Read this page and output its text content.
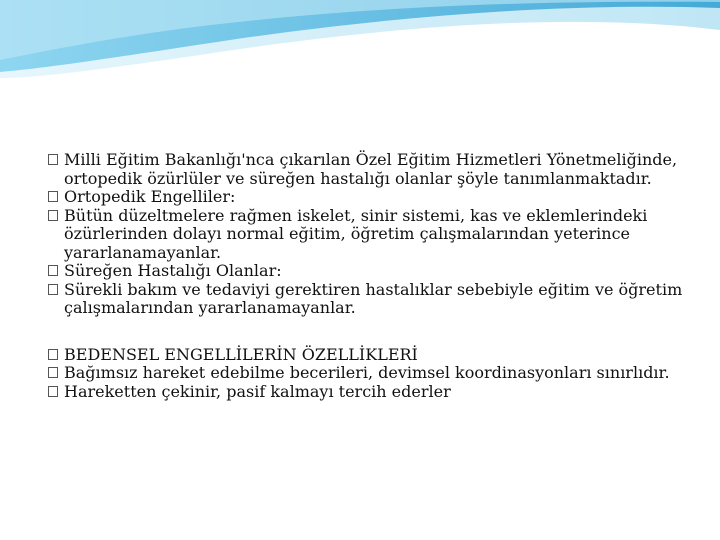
Milli Eğitim Bakanlığı'nca çıkarılan Özel Eğitim Hizmetleri Yönetmeliğinde, ortopedik özürlüler ve süreğen hastalığı olanlar şöyle tanımlanmaktadır.
Ortopedik Engelliler:
Bütün düzeltmelere rağmen iskelet, sinir sistemi, kas ve eklemlerindeki özürlerinden dolayı normal eğitim, öğretim çalışmalarından yeterince yararlanamayanlar.
Süreğen Hastalığı Olanlar:
Sürekli bakım ve tedaviyi gerektiren hastalıklar sebebiyle eğitim ve öğretim çalışmalarından yararlanamayanlar.
BEDENSEL ENGELLİLERİN ÖZELLİKLERİ
Bağımsız hareket edebilme becerileri, devimsel koordinasyonları sınırlıdır.
Hareketten çekinir, pasif kalmayı tercih ederler
